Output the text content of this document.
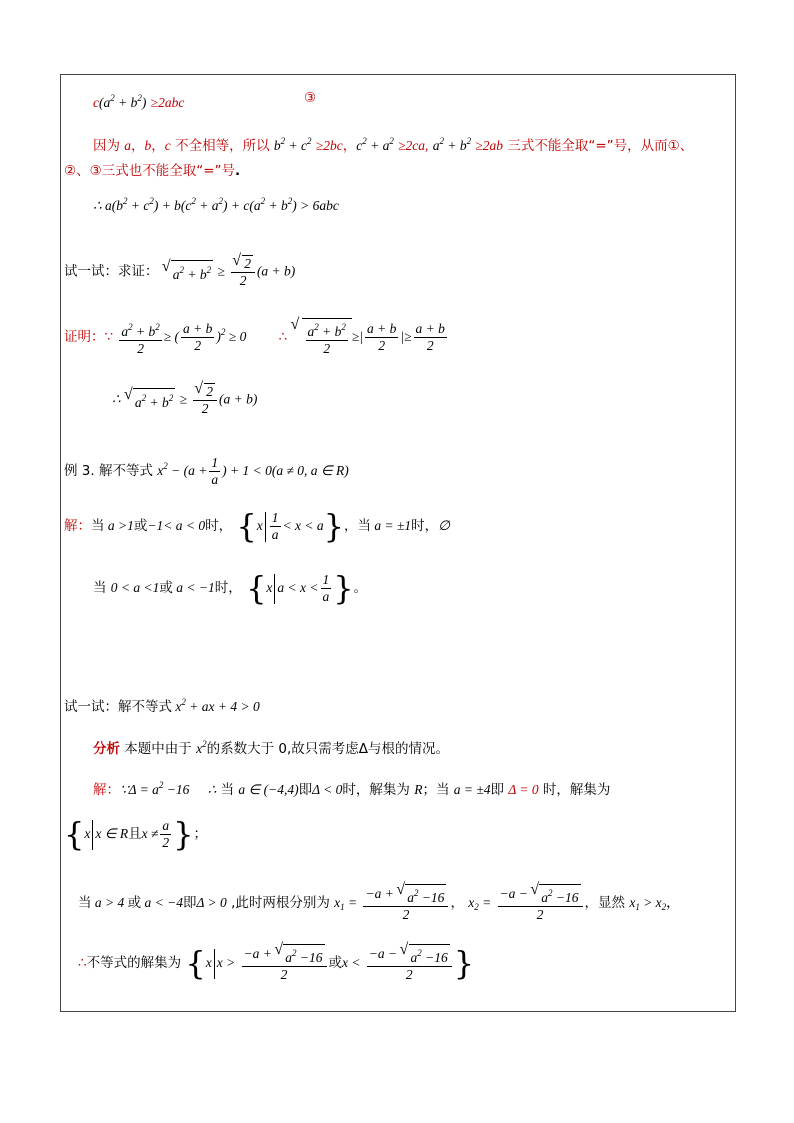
$c(a^2 + b^2) \ge 2abc$	③
因为 a，b，c 不全相等，所以 $b^2 + c^2 \ge 2bc$，$c^2 + a^2 \ge 2ca$, $a^2 + b^2 \ge 2ab$ 三式不能全取“=”号，从而①、
②、③三式也不能全取“=”号.
∴ $a(b^2 + c^2) + b(c^2 + a^2) + c(a^2 + b^2) > 6abc$
试一试：求证： √ $a^2 + b^2$ ≥ √ $\frac{2}{2} (a + b)$
证明：∵ $\frac{a^2 + b^2}{2}$ ≥ ( $\frac{a + b}{2} )^2 \ge 0$ ∴ √ $\frac{a^2 + b^2}{2}$ ≥| $\frac{a + b}{2}$ |≥ $\frac{a + b}{2}$
∴ √ $a^2 + b^2$ ≥ √ $\frac{2}{2} (a + b)$
例 3. 解不等式 $x^2 - (a + \frac{1}{a}$ ) + 1 < 0(a ≠ 0, a ∈ R)
解：当 a >1或−1< a < 0时， $\{x \frac{1}{a} < x < a\}$，当 a = ±1时，∅
当 0 < a <1或 a < −1时， {x $a < x < \frac{1}{a}$ }。
试一试：解不等式 $x^2$ + ax + 4 > 0
分析 本题中由于 $x^2$的系数大于 0,故只需考虑Δ与根的情况。
解：∵Δ = $a^2 -16$ ∴ 当 a ∈ (−4,4)即Δ < 0时，解集为 R；当 a = ±4即 Δ = 0 时，解集为
{x x ∈ R且$x \ne \frac{a}{2}$ }；
当 a > 4 或 a < −4即Δ > 0 ,此时两根分别为 $x_1 = \frac{-a + √ a^2 -16}{2}$ ， $x_2 = \frac{-a - √ a^2 -16}{2}$ ，显然 $x_1 > x_2$，
∴不等式的解集为 {x $x > \frac{-a + √ a^2 -16}{2}$ 或$x < \frac{-a - √ a^2 -16}{2}$ }
